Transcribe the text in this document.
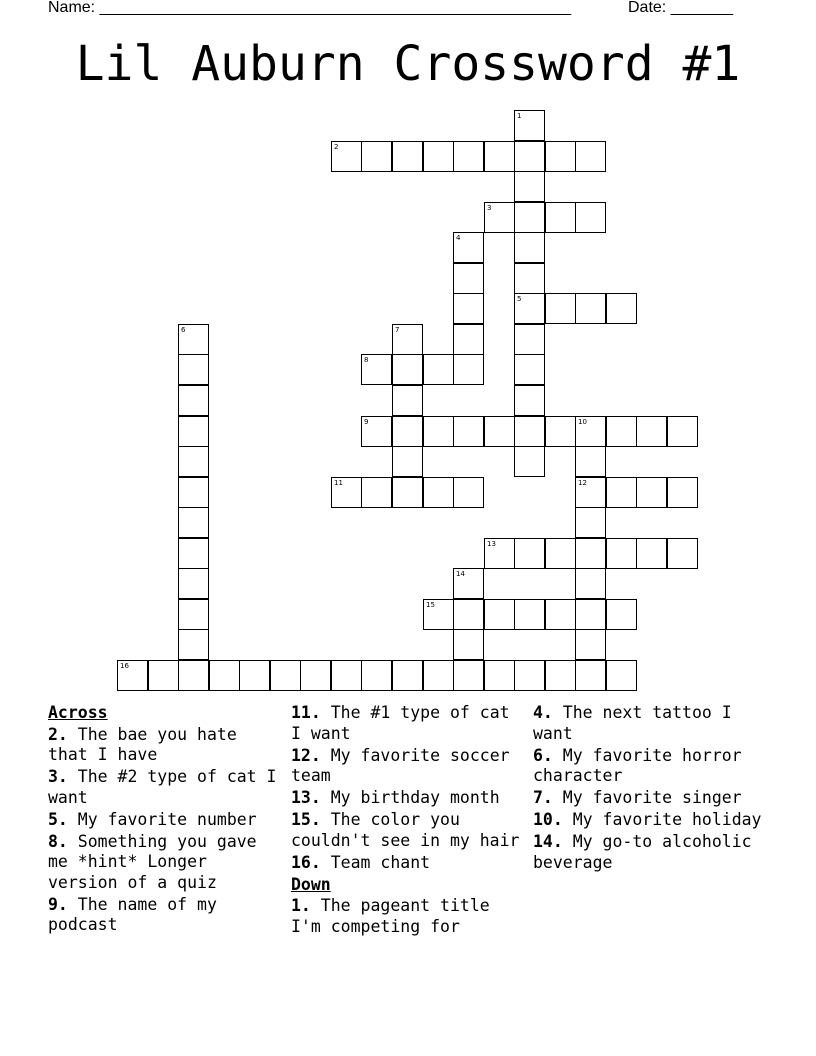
Name: _____________________________________________________	Date: _______
Lil Auburn Crossword #1
1
5
2
3
4
6	7
8
9	10
12
11
13
14
15
16
Across
2. The bae you hate that I have
3. The #2 type of cat I want
5. My favorite number
8. Something you gave me *hint* Longer version of a quiz
9. The name of my podcast
11. The #1 type of cat I want
12. My favorite soccer team
13. My birthday month
15. The color you couldn't see in my hair
16. Team chant
Down
1. The pageant title I'm competing for
4. The next tattoo I want
6. My favorite horror character
7. My favorite singer
10. My favorite holiday
14. My go-to alcoholic beverage
